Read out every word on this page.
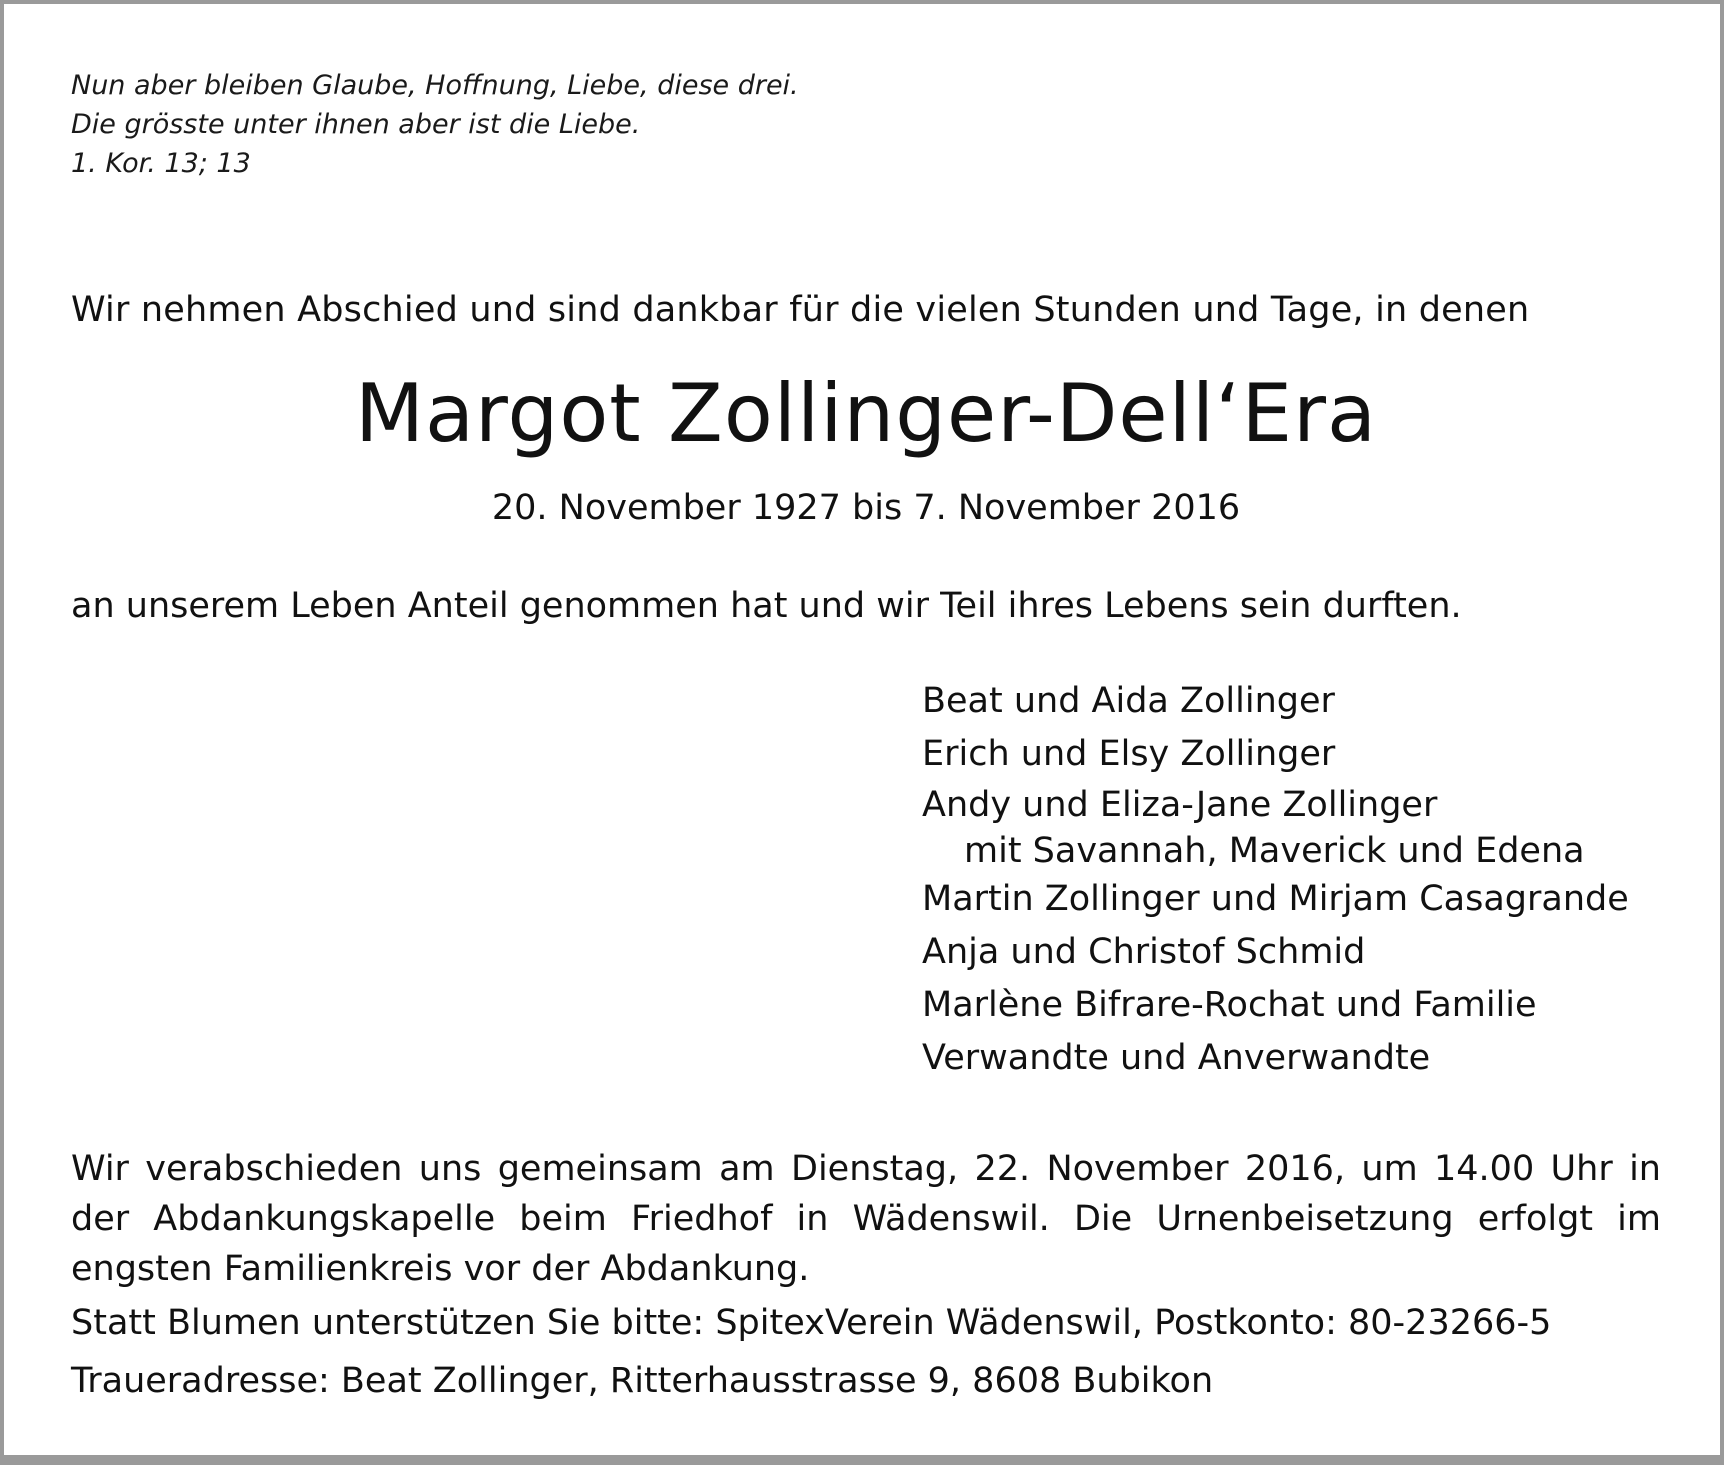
Nun aber bleiben Glaube, Hoffnung, Liebe, diese drei.
Die grösste unter ihnen aber ist die Liebe.
1. Kor. 13; 13
Wir nehmen Abschied und sind dankbar für die vielen Stunden und Tage, in denen
Margot Zollinger-Dell‘Era
20. November 1927 bis 7. November 2016
an unserem Leben Anteil genommen hat und wir Teil ihres Lebens sein durften.
Beat und Aida Zollinger
Erich und Elsy Zollinger
Andy und Eliza-Jane Zollinger
mit Savannah, Maverick und Edena
Martin Zollinger und Mirjam Casagrande
Anja und Christof Schmid
Marlène Bifrare-Rochat und Familie
Verwandte und Anverwandte
Wir verabschieden uns gemeinsam am Dienstag, 22. November 2016, um 14.00 Uhr in der Abdankungskapelle beim Friedhof in Wädenswil. Die Urnenbeisetzung erfolgt im engsten Familienkreis vor der Abdankung.
Statt Blumen unterstützen Sie bitte: SpitexVerein Wädenswil, Postkonto: 80-23266-5
Traueradresse: Beat Zollinger, Ritterhausstrasse 9, 8608 Bubikon
